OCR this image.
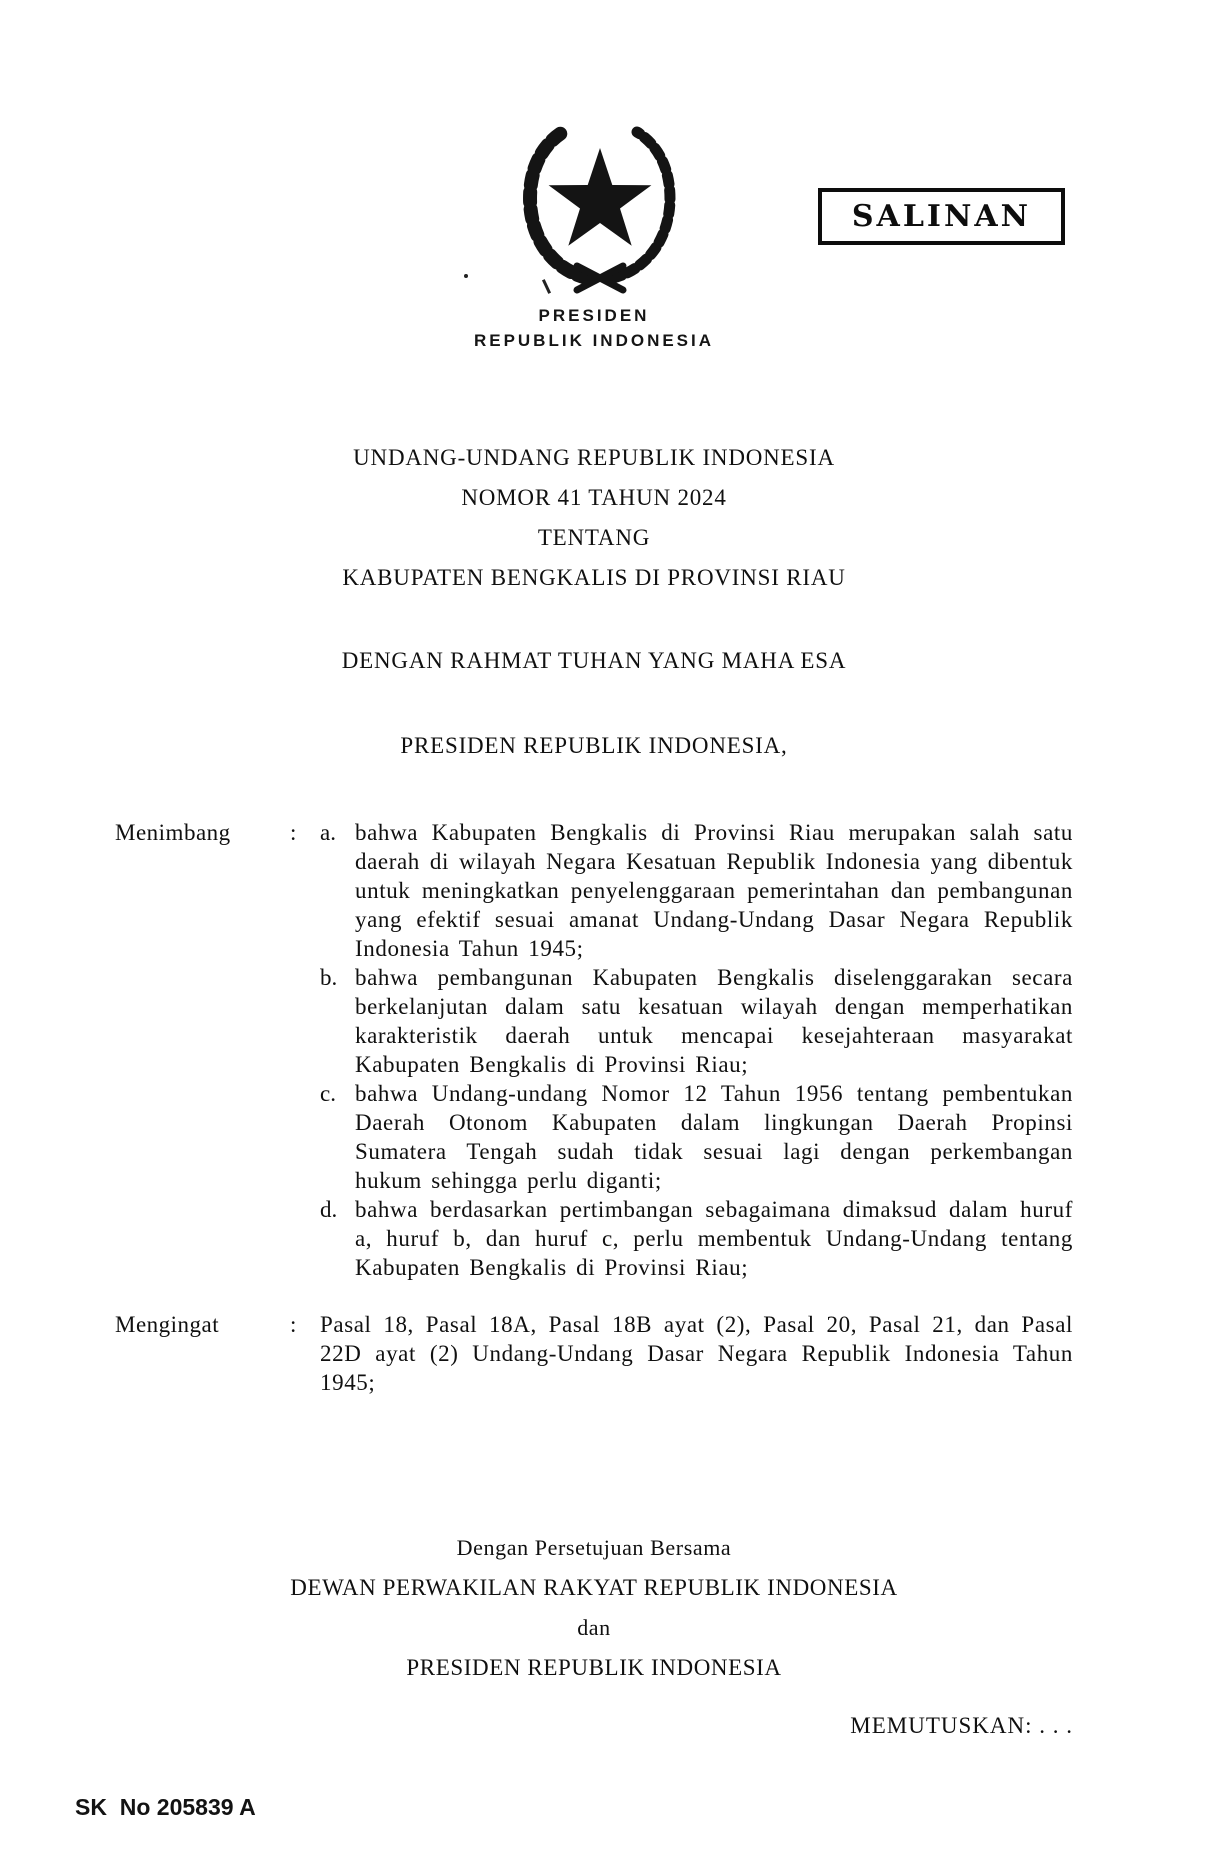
PRESIDEN
REPUBLIK INDONESIA
SALINAN
UNDANG-UNDANG REPUBLIK INDONESIA
NOMOR 41 TAHUN 2024
TENTANG
KABUPATEN BENGKALIS DI PROVINSI RIAU
DENGAN RAHMAT TUHAN YANG MAHA ESA
PRESIDEN REPUBLIK INDONESIA,
Menimbang	:	a. bahwa Kabupaten Bengkalis di Provinsi Riau merupakan salah satu daerah di wilayah Negara Kesatuan Republik Indonesia yang dibentuk untuk meningkatkan penyelenggaraan pemerintahan dan pembangunan yang efektif sesuai amanat Undang-Undang Dasar Negara Republik Indonesia Tahun 1945;
b. bahwa pembangunan Kabupaten Bengkalis diselenggarakan secara berkelanjutan dalam satu kesatuan wilayah dengan memperhatikan karakteristik daerah untuk mencapai kesejahteraan masyarakat Kabupaten Bengkalis di Provinsi Riau;
c. bahwa Undang-undang Nomor 12 Tahun 1956 tentang pembentukan Daerah Otonom Kabupaten dalam lingkungan Daerah Propinsi Sumatera Tengah sudah tidak sesuai lagi dengan perkembangan hukum sehingga perlu diganti;
d. bahwa berdasarkan pertimbangan sebagaimana dimaksud dalam huruf a, huruf b, dan huruf c, perlu membentuk Undang-Undang tentang Kabupaten Bengkalis di Provinsi Riau;
Mengingat	:	Pasal 18, Pasal 18A, Pasal 18B ayat (2), Pasal 20, Pasal 21, dan Pasal 22D ayat (2) Undang-Undang Dasar Negara Republik Indonesia Tahun 1945;
Dengan Persetujuan Bersama
DEWAN PERWAKILAN RAKYAT REPUBLIK INDONESIA
dan
PRESIDEN REPUBLIK INDONESIA
MEMUTUSKAN: . . .
SK  No 205839 A
